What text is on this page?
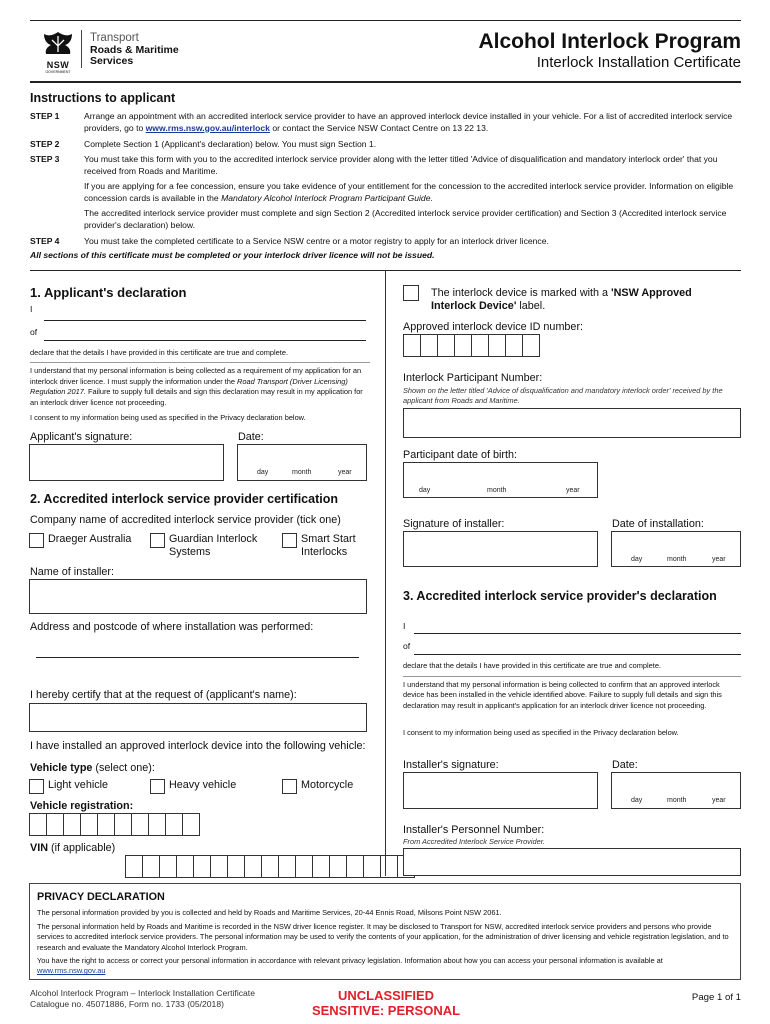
NSW
GOVERNMENT
Transport
Roads & Maritime
Services
Alcohol Interlock Program
Interlock Installation Certificate
Instructions to applicant
STEP 1	Arrange an appointment with an accredited interlock service provider to have an approved interlock device installed in your vehicle. For a list of accredited interlock service providers, go to www.rms.nsw.gov.au/interlock or contact the Service NSW Contact Centre on 13 22 13.
STEP 2	Complete Section 1 (Applicant's declaration) below. You must sign Section 1.
STEP 3	You must take this form with you to the accredited interlock service provider along with the letter titled 'Advice of disqualification and mandatory interlock order' that you received from Roads and Maritime.
If you are applying for a fee concession, ensure you take evidence of your entitlement for the concession to the accredited interlock service provider. Information on eligible concession cards is available in the Mandatory Alcohol Interlock Program Participant Guide.
The accredited interlock service provider must complete and sign Section 2 (Accredited interlock service provider certification) and Section 3 (Accredited interlock service provider's declaration) below.
STEP 4	You must take the completed certificate to a Service NSW centre or a motor registry to apply for an interlock driver licence.
All sections of this certificate must be completed or your interlock driver licence will not be issued.
1. Applicant's declaration
I
of
declare that the details I have provided in this certificate are true and complete.
I understand that my personal information is being collected as a requirement of my application for an interlock driver licence. I must supply the information under the Road Transport (Driver Licensing) Regulation 2017. Failure to supply full details and sign this declaration may result in my application for an interlock driver licence not proceeding.
I consent to my information being used as specified in the Privacy declaration below.
Applicant's signature:	Date:
day	month	year
2. Accredited interlock service provider certification
Company name of accredited interlock service provider (tick one)
Draeger Australia	Guardian Interlock Systems
Smart Start Interlocks
Name of installer:
Address and postcode of where installation was performed:
I hereby certify that at the request of (applicant's name):
I have installed an approved interlock device into the following vehicle:
Vehicle type (select one):
Light vehicle	Heavy vehicle	Motorcycle
Vehicle registration:
VIN (if applicable)
The interlock device is marked with a 'NSW Approved Interlock Device' label.
Approved interlock device ID number:
Interlock Participant Number:
Shown on the letter titled 'Advice of disqualification and mandatory interlock order' received by the applicant from Roads and Maritime.
Participant date of birth:
day	month	year
Signature of installer:	Date of installation:
day	month	year
3. Accredited interlock service provider's declaration
I
of
declare that the details I have provided in this certificate are true and complete.
I understand that my personal information is being collected to confirm that an approved interlock device has been installed in the vehicle identified above. Failure to supply full details and sign this declaration may result in applicant's application for an interlock driver licence not proceeding.
I consent to my information being used as specified in the Privacy declaration below.
Installer's signature:	Date:
day	month	year
Installer's Personnel Number:
From Accredited Interlock Service Provider.
PRIVACY DECLARATION
The personal information provided by you is collected and held by Roads and Maritime Services, 20-44 Ennis Road, Milsons Point NSW 2061.
The personal information held by Roads and Maritime is recorded in the NSW driver licence register. It may be disclosed to Transport for NSW, accredited interlock service providers and persons who provide services to accredited interlock service providers. The personal information may be used to verify the contents of your application, for the administration of driver licensing and vehicle registration legislation, and to research and evaluate the Mandatory Alcohol Interlock Program.
You have the right to access or correct your personal information in accordance with relevant privacy legislation. Information about how you can access your personal information is available at www.rms.nsw.gov.au
Alcohol Interlock Program – Interlock Installation Certificate
Catalogue no. 45071886, Form no. 1733 (05/2018)
UNCLASSIFIED
SENSITIVE: PERSONAL
Page 1 of 1
